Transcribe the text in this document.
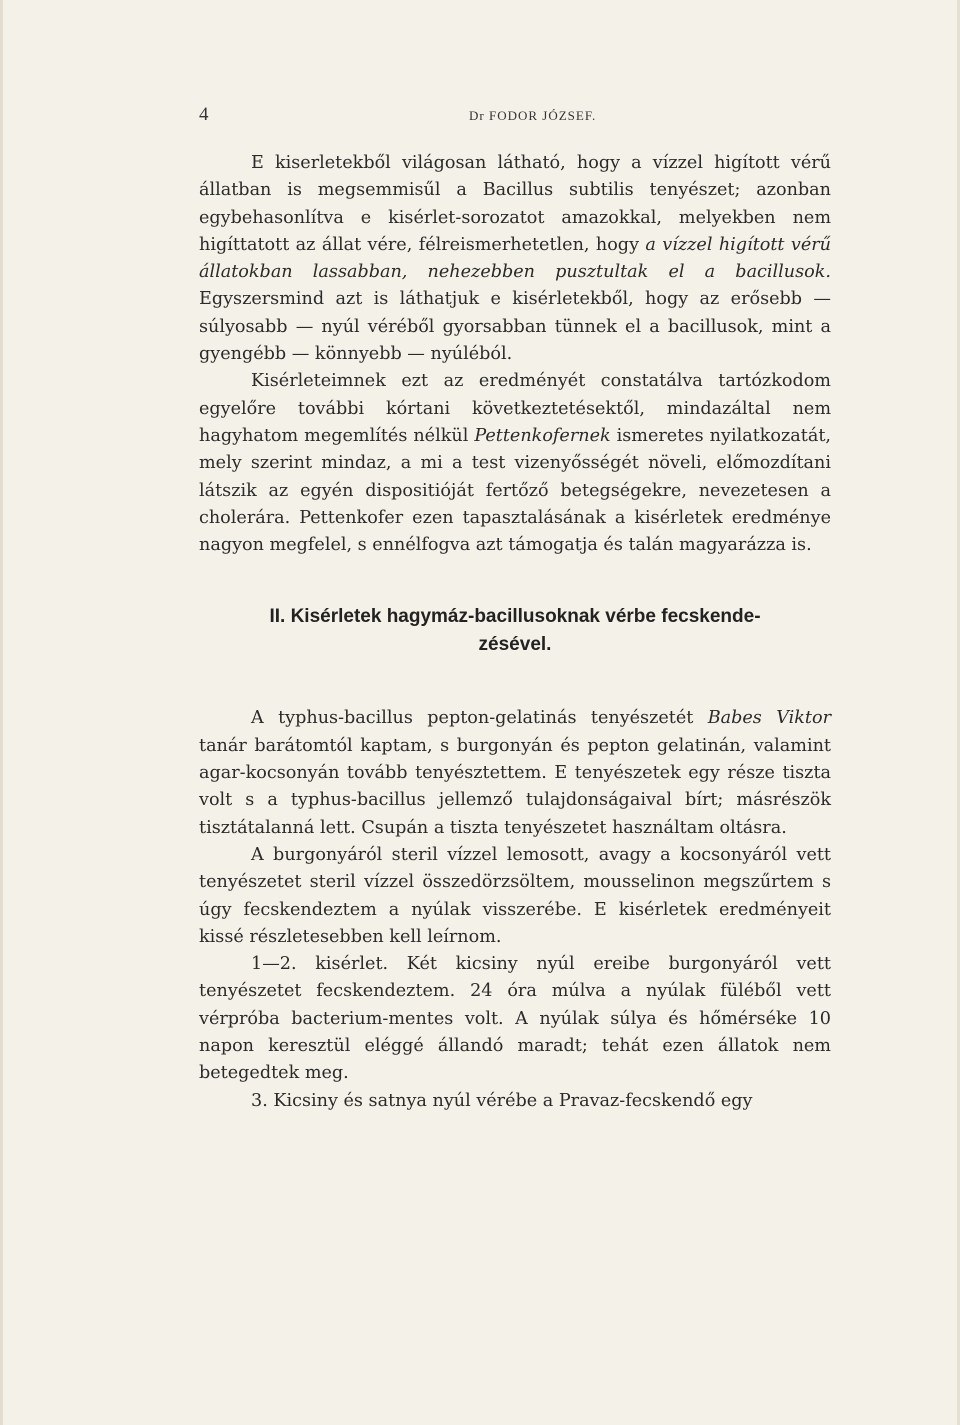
4	Dr FODOR JÓZSEF.

E kiserletekből világosan látható, hogy a vízzel higított vérű állatban is megsemmisűl a Bacillus subtilis tenyészet; azonban egybehasonlítva e kisérlet-sorozatot amazokkal, melyekben nem higíttatott az állat vére, félreismerhetetlen, hogy a vízzel higított vérű állatokban lassabban, nehezebben pusztultak el a bacillusok. Egyszersmind azt is láthatjuk e kisérletekből, hogy az erősebb — súlyosabb — nyúl véréből gyorsabban tünnek el a bacillusok, mint a gyengébb — könnyebb — nyúléból.

Kisérleteimnek ezt az eredményét constatálva tartózkodom egyelőre további kórtani következtetésektől, mindazáltal nem hagyhatom megemlítés nélkül Pettenkofernek ismeretes nyilatkozatát, mely szerint mindaz, a mi a test vizenyősségét növeli, előmozdítani látszik az egyén dispositióját fertőző betegségekre, nevezetesen a cholerára. Pettenkofer ezen tapasztalásának a kisérletek eredménye nagyon megfelel, s ennélfogva azt támogatja és talán magyarázza is.

II. Kisérletek hagymáz-bacillusoknak vérbe fecskende-
zésével.

A typhus-bacillus pepton-gelatinás tenyészetét Babes Viktor tanár barátomtól kaptam, s burgonyán és pepton gelatinán, valamint agar-kocsonyán tovább tenyésztettem. E tenyészetek egy része tiszta volt s a typhus-bacillus jellemző tulajdonságaival bírt; másrészök tisztátalanná lett. Csupán a tiszta tenyészetet használtam oltásra.

A burgonyáról steril vízzel lemosott, avagy a kocsonyáról vett tenyészetet steril vízzel összedörzsöltem, mousselinon megszűrtem s úgy fecskendeztem a nyúlak visszerébe. E kisérletek eredményeit kissé részletesebben kell leírnom.

1—2. kisérlet. Két kicsiny nyúl ereibe burgonyáról vett tenyészetet fecskendeztem. 24 óra múlva a nyúlak füléből vett vérpróba bacterium-mentes volt. A nyúlak súlya és hőmérséke 10 napon keresztül eléggé állandó maradt; tehát ezen állatok nem betegedtek meg.

3. Kicsiny és satnya nyúl vérébe a Pravaz-fecskendő egy
